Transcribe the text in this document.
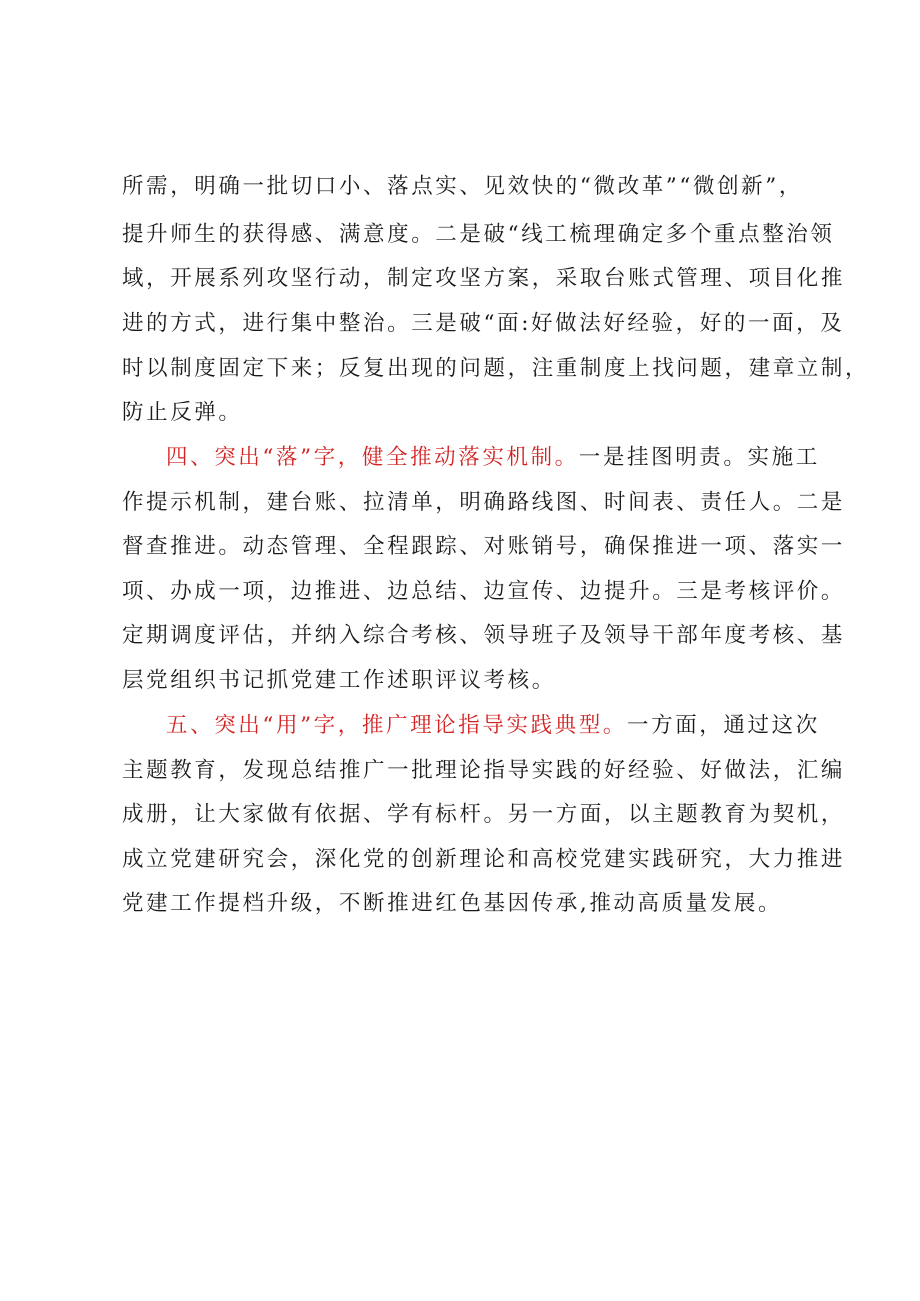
所需，明确一批切口小、落点实、见效快的“微改革”“微创新”，
提升师生的获得感、满意度。二是破“线工梳理确定多个重点整治领
域，开展系列攻坚行动，制定攻坚方案，采取台账式管理、项目化推
进的方式，进行集中整治。三是破“面:好做法好经验，好的一面，及
时以制度固定下来；反复出现的问题，注重制度上找问题，建章立制，
防止反弹。
四、突出“落”字，健全推动落实机制。一是挂图明责。实施工
作提示机制，建台账、拉清单，明确路线图、时间表、责任人。二是
督查推进。动态管理、全程跟踪、对账销号，确保推进一项、落实一
项、办成一项，边推进、边总结、边宣传、边提升。三是考核评价。
定期调度评估，并纳入综合考核、领导班子及领导干部年度考核、基
层党组织书记抓党建工作述职评议考核。
五、突出“用”字，推广理论指导实践典型。一方面，通过这次
主题教育，发现总结推广一批理论指导实践的好经验、好做法，汇编
成册，让大家做有依据、学有标杆。另一方面，以主题教育为契机，
成立党建研究会，深化党的创新理论和高校党建实践研究，大力推进
党建工作提档升级，不断推进红色基因传承,推动高质量发展。
